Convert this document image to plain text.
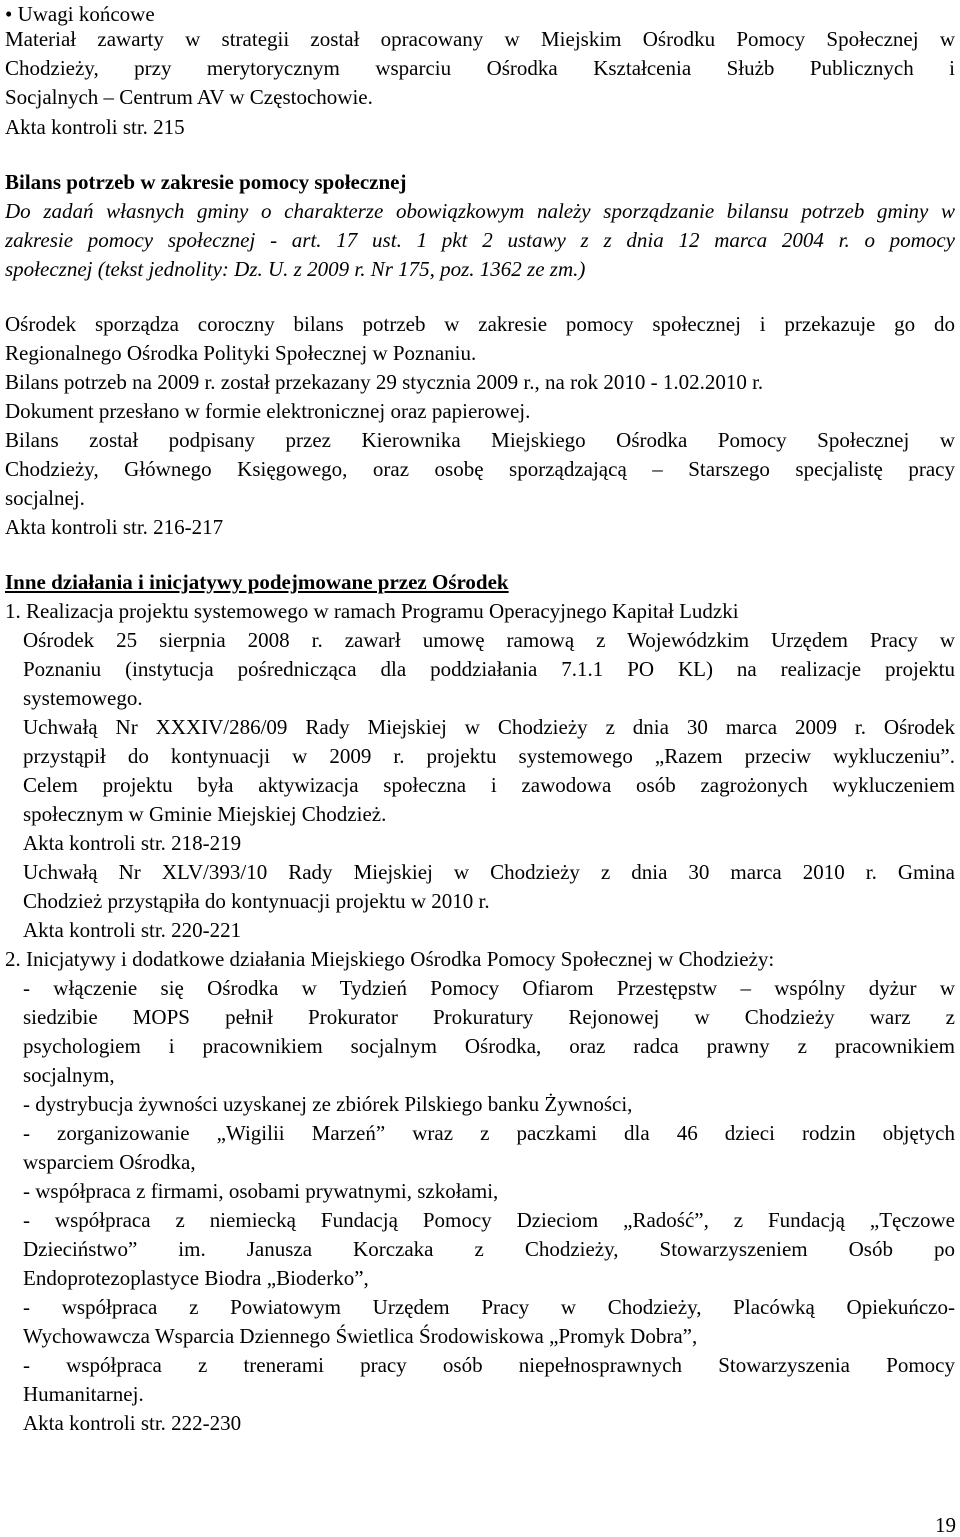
• Uwagi końcowe
Materiał zawarty w strategii został opracowany w Miejskim Ośrodku Pomocy Społecznej w
Chodzieży, przy merytorycznym wsparciu Ośrodka Kształcenia Służb Publicznych i
Socjalnych – Centrum AV w Częstochowie.
Akta kontroli str. 215
Bilans potrzeb w zakresie pomocy społecznej
Do zadań własnych gminy o charakterze obowiązkowym należy sporządzanie bilansu potrzeb gminy w
zakresie pomocy społecznej - art. 17 ust. 1 pkt 2 ustawy z z dnia 12 marca 2004 r. o pomocy
społecznej (tekst jednolity: Dz. U. z 2009 r. Nr 175, poz. 1362 ze zm.)
Ośrodek sporządza coroczny bilans potrzeb w zakresie pomocy społecznej i przekazuje go do
Regionalnego Ośrodka Polityki Społecznej w Poznaniu.
Bilans potrzeb na 2009 r. został przekazany 29 stycznia 2009 r., na rok 2010 - 1.02.2010 r.
Dokument przesłano w formie elektronicznej oraz papierowej.
Bilans został podpisany przez Kierownika Miejskiego Ośrodka Pomocy Społecznej w
Chodzieży, Głównego Księgowego, oraz osobę sporządzającą – Starszego specjalistę pracy
socjalnej.
Akta kontroli str. 216-217
Inne działania i inicjatywy podejmowane przez Ośrodek
1. Realizacja projektu systemowego w ramach Programu Operacyjnego Kapitał Ludzki
Ośrodek 25 sierpnia 2008 r. zawarł umowę ramową z Wojewódzkim Urzędem Pracy w
Poznaniu (instytucja pośrednicząca dla poddziałania 7.1.1 PO KL) na realizacje projektu
systemowego.
Uchwałą Nr XXXIV/286/09 Rady Miejskiej w Chodzieży z dnia 30 marca 2009 r. Ośrodek
przystąpił do kontynuacji w 2009 r. projektu systemowego „Razem przeciw wykluczeniu”.
Celem projektu była aktywizacja społeczna i zawodowa osób zagrożonych wykluczeniem
społecznym w Gminie Miejskiej Chodzież.
Akta kontroli str. 218-219
Uchwałą Nr XLV/393/10 Rady Miejskiej w Chodzieży z dnia 30 marca 2010 r. Gmina
Chodzież przystąpiła do kontynuacji projektu w 2010 r.
Akta kontroli str. 220-221
2. Inicjatywy i dodatkowe działania Miejskiego Ośrodka Pomocy Społecznej w Chodzieży:
- włączenie się Ośrodka w Tydzień Pomocy Ofiarom Przestępstw – wspólny dyżur w
siedzibie MOPS pełnił Prokurator Prokuratury Rejonowej w Chodzieży warz z
psychologiem i pracownikiem socjalnym Ośrodka, oraz radca prawny z pracownikiem
socjalnym,
- dystrybucja żywności uzyskanej ze zbiórek Pilskiego banku Żywności,
- zorganizowanie „Wigilii Marzeń” wraz z paczkami dla 46 dzieci rodzin objętych
wsparciem Ośrodka,
- współpraca z firmami, osobami prywatnymi, szkołami,
- współpraca z niemiecką Fundacją Pomocy Dzieciom „Radość”, z Fundacją „Tęczowe
Dzieciństwo” im. Janusza Korczaka z Chodzieży, Stowarzyszeniem Osób po
Endoprotezoplastyce Biodra „Bioderko”,
- współpraca z Powiatowym Urzędem Pracy w Chodzieży, Placówką Opiekuńczo-
Wychowawcza Wsparcia Dziennego Świetlica Środowiskowa „Promyk Dobra”,
- współpraca z trenerami pracy osób niepełnosprawnych Stowarzyszenia Pomocy
Humanitarnej.
Akta kontroli str. 222-230
19
